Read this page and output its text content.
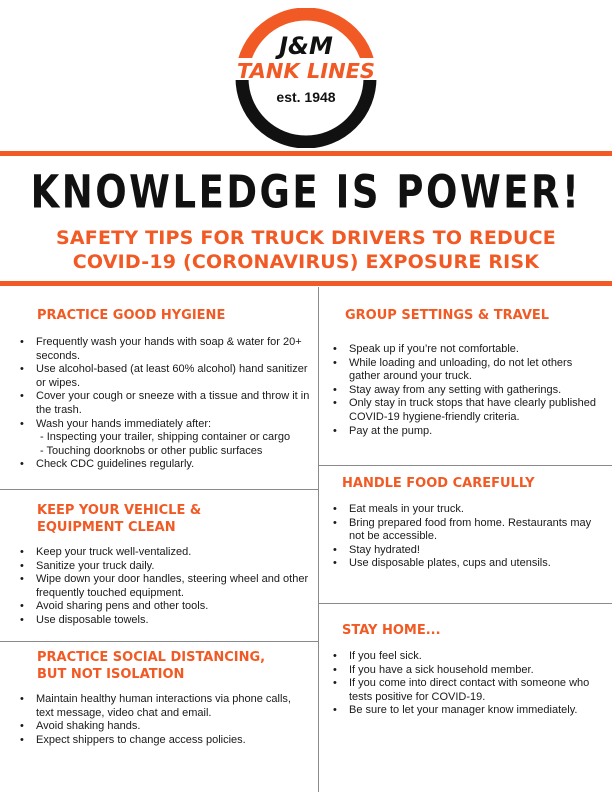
J&M
TANK LINES
est. 1948
KNOWLEDGE IS POWER!
SAFETY TIPS FOR TRUCK DRIVERS TO REDUCE
COVID-19 (CORONAVIRUS) EXPOSURE RISK
PRACTICE GOOD HYGIENE
• Frequently wash your hands with soap & water for 20+ seconds.
• Use alcohol-based (at least 60% alcohol) hand sanitizer or wipes.
• Cover your cough or sneeze with a tissue and throw it in the trash.
• Wash your hands immediately after:
- Inspecting your trailer, shipping container or cargo
- Touching doorknobs or other public surfaces
• Check CDC guidelines regularly.
KEEP YOUR VEHICLE &
EQUIPMENT CLEAN
• Keep your truck well-ventalized.
• Sanitize your truck daily.
• Wipe down your door handles, steering wheel and other frequently touched equipment.
• Avoid sharing pens and other tools.
• Use disposable towels.
PRACTICE SOCIAL DISTANCING,
BUT NOT ISOLATION
• Maintain healthy human interactions via phone calls, text message, video chat and email.
• Avoid shaking hands.
• Expect shippers to change access policies.
GROUP SETTINGS & TRAVEL
• Speak up if you’re not comfortable.
• While loading and unloading, do not let others gather around your truck.
• Stay away from any setting with gatherings.
• Only stay in truck stops that have clearly published COVID-19 hygiene-friendly criteria.
• Pay at the pump.
HANDLE FOOD CAREFULLY
• Eat meals in your truck.
• Bring prepared food from home. Restaurants may not be accessible.
• Stay hydrated!
• Use disposable plates, cups and utensils.
STAY HOME...
• If you feel sick.
• If you have a sick household member.
• If you come into direct contact with someone who tests positive for COVID-19.
• Be sure to let your manager know immediately.
